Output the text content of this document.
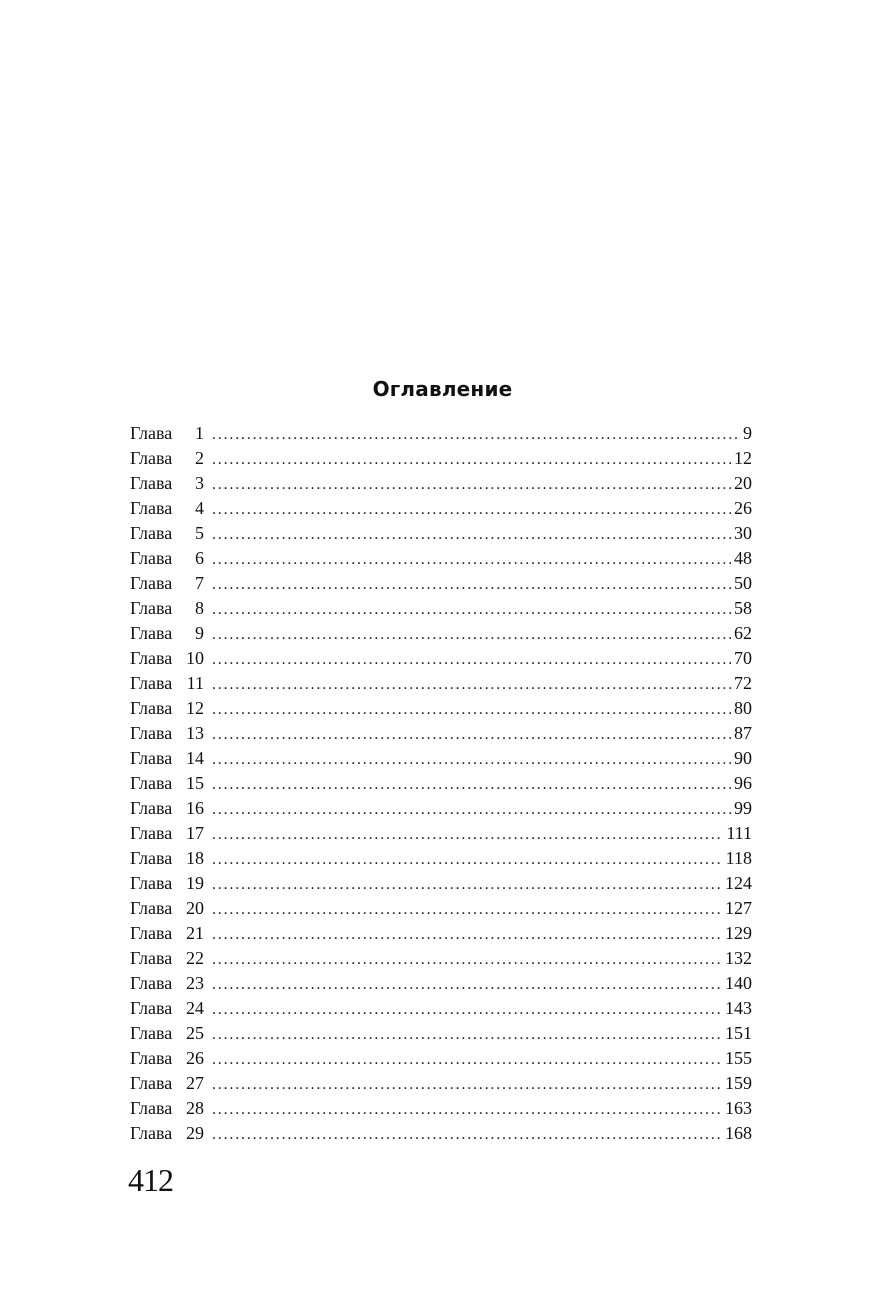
Оглавление
Глава 1 . . .	9
Глава 2 . . .	12
Глава 3 . . .	20
Глава 4 . . .	26
Глава 5 . . .	30
Глава 6 . . .	48
Глава 7 . . .	50
Глава 8 . . .	58
Глава 9 . . .	62
Глава 10 . . .	70
Глава 11 . . .	72
Глава 12 . . .	80
Глава 13 . . .	87
Глава 14 . . .	90
Глава 15 . . .	96
Глава 16 . . .	99
Глава 17 . . .	111
Глава 18 . . .	118
Глава 19 . . .	124
Глава 20 . . .	127
Глава 21 . . .	129
Глава 22 . . .	132
Глава 23 . . .	140
Глава 24 . . .	143
Глава 25 . . .	151
Глава 26 . . .	155
Глава 27 . . .	159
Глава 28 . . .	163
Глава 29 . . .	168
412
